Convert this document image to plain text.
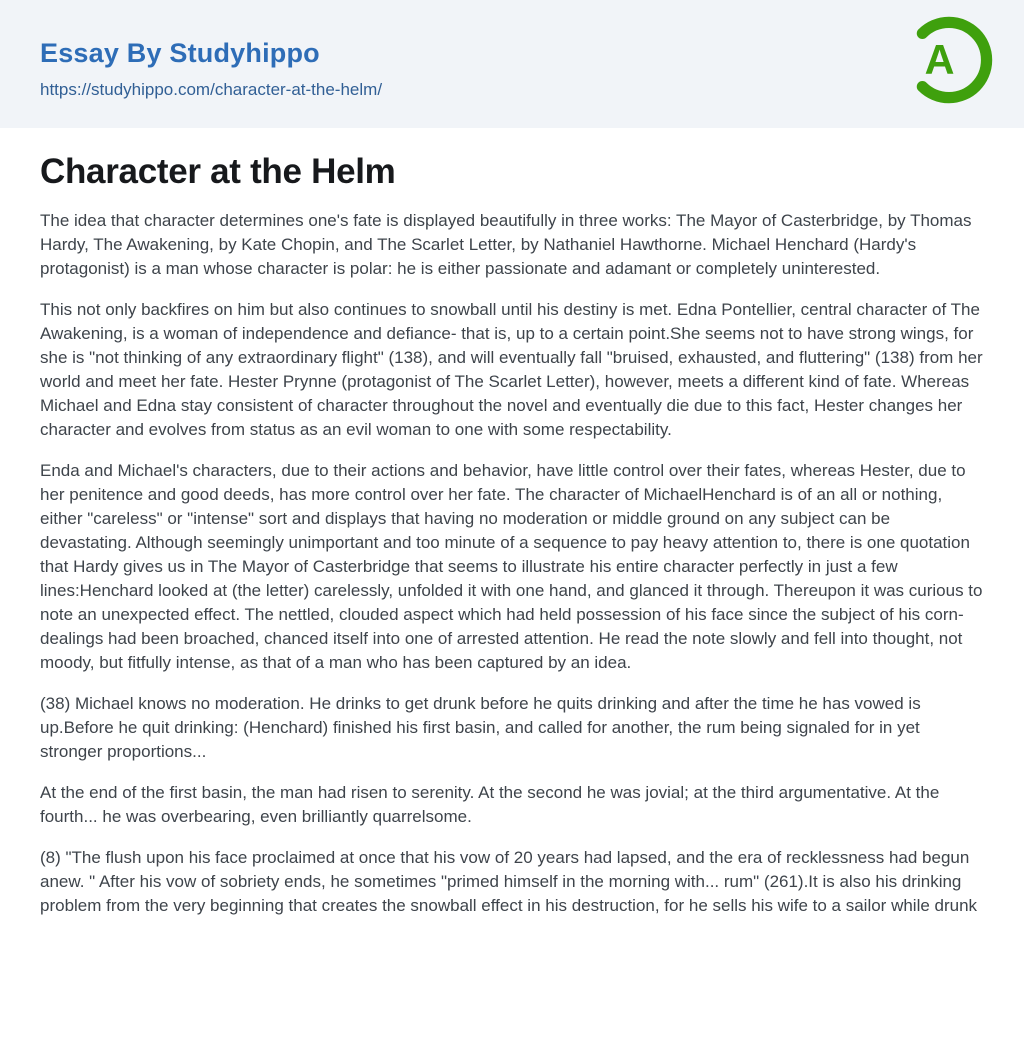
Essay By Studyhippo
https://studyhippo.com/character-at-the-helm/
A
Character at the Helm

The idea that character determines one's fate is displayed beautifully in three works: The Mayor of Casterbridge, by Thomas Hardy, The Awakening, by Kate Chopin, and The Scarlet Letter, by Nathaniel Hawthorne. Michael Henchard (Hardy's protagonist) is a man whose character is polar: he is either passionate and adamant or completely uninterested.

This not only backfires on him but also continues to snowball until his destiny is met. Edna Pontellier, central character of The Awakening, is a woman of independence and defiance- that is, up to a certain point.She seems not to have strong wings, for she is "not thinking of any extraordinary flight" (138), and will eventually fall "bruised, exhausted, and fluttering" (138) from her world and meet her fate. Hester Prynne (protagonist of The Scarlet Letter), however, meets a different kind of fate. Whereas Michael and Edna stay consistent of character throughout the novel and eventually die due to this fact, Hester changes her character and evolves from status as an evil woman to one with some respectability.

Enda and Michael's characters, due to their actions and behavior, have little control over their fates, whereas Hester, due to her penitence and good deeds, has more control over her fate. The character of MichaelHenchard is of an all or nothing, either "careless" or "intense" sort and displays that having no moderation or middle ground on any subject can be devastating. Although seemingly unimportant and too minute of a sequence to pay heavy attention to, there is one quotation that Hardy gives us in The Mayor of Casterbridge that seems to illustrate his entire character perfectly in just a few lines:Henchard looked at (the letter) carelessly, unfolded it with one hand, and glanced it through. Thereupon it was curious to note an unexpected effect. The nettled, clouded aspect which had held possession of his face since the subject of his corn-dealings had been broached, chanced itself into one of arrested attention. He read the note slowly and fell into thought, not moody, but fitfully intense, as that of a man who has been captured by an idea.

(38) Michael knows no moderation. He drinks to get drunk before he quits drinking and after the time he has vowed is up.Before he quit drinking: (Henchard) finished his first basin, and called for another, the rum being signaled for in yet stronger proportions...

At the end of the first basin, the man had risen to serenity. At the second he was jovial; at the third argumentative. At the fourth... he was overbearing, even brilliantly quarrelsome.

(8) "The flush upon his face proclaimed at once that his vow of 20 years had lapsed, and the era of recklessness had begun anew. " After his vow of sobriety ends, he sometimes "primed himself in the morning with... rum" (261).It is also his drinking problem from the very beginning that creates the snowball effect in his destruction, for he sells his wife to a sailor while drunk
